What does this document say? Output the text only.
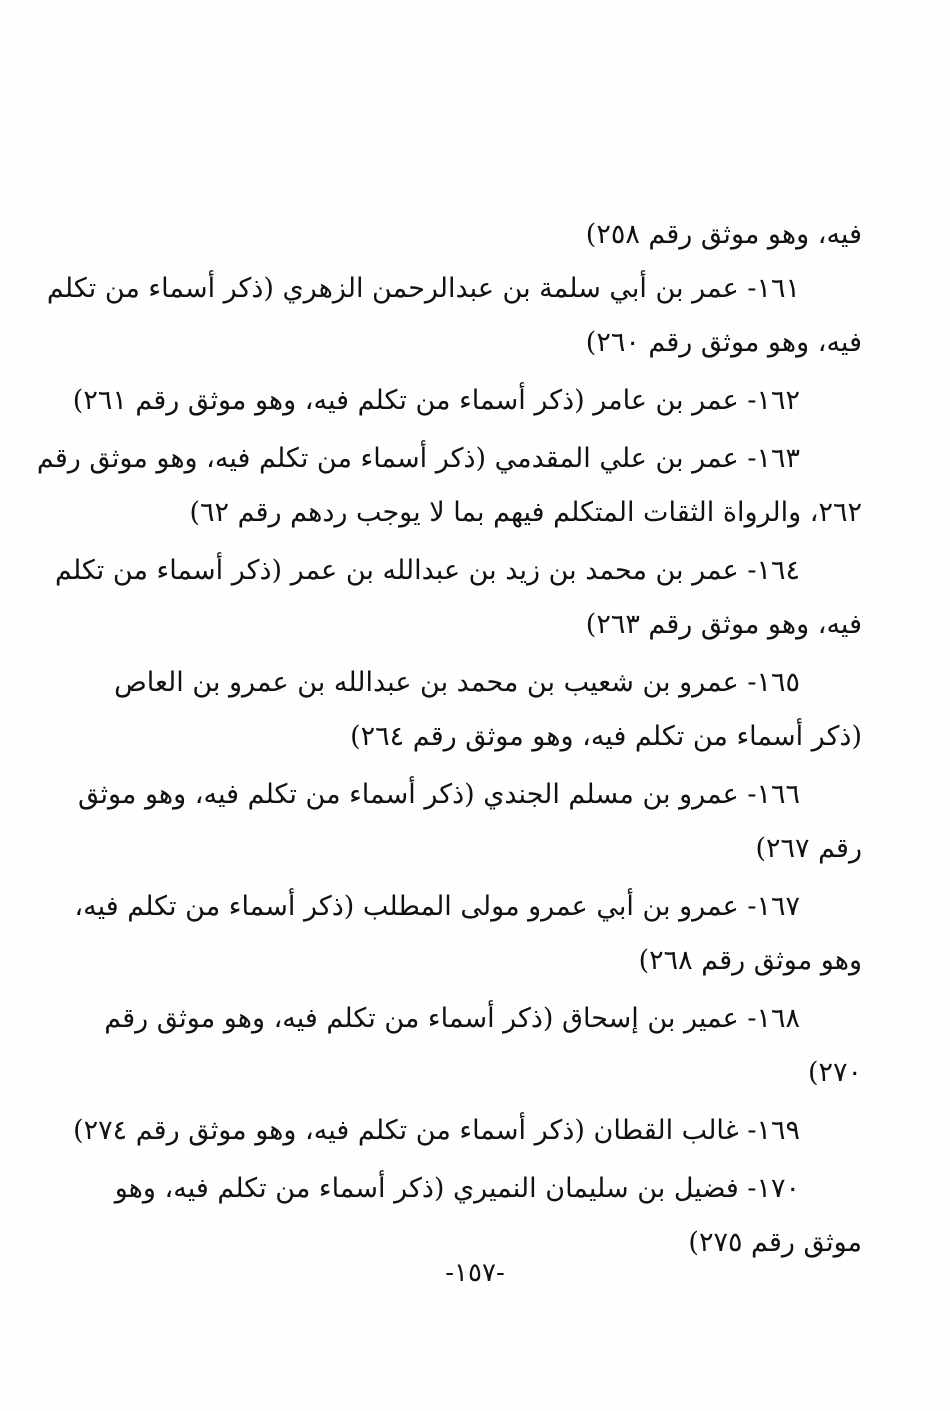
فيه، وهو موثق رقم ٢٥٨)
١٦١- عمر بن أبي سلمة بن عبدالرحمن الزهري (ذكر أسماء من تكلم
فيه، وهو موثق رقم ٢٦٠)
١٦٢- عمر بن عامر (ذكر أسماء من تكلم فيه، وهو موثق رقم ٢٦١)
١٦٣- عمر بن علي المقدمي (ذكر أسماء من تكلم فيه، وهو موثق رقم
٢٦٢، والرواة الثقات المتكلم فيهم بما لا يوجب ردهم رقم ٦٢)
١٦٤- عمر بن محمد بن زيد بن عبدالله بن عمر (ذكر أسماء من تكلم
فيه، وهو موثق رقم ٢٦٣)
١٦٥- عمرو بن شعيب بن محمد بن عبدالله بن عمرو بن العاص
(ذكر أسماء من تكلم فيه، وهو موثق رقم ٢٦٤)
١٦٦- عمرو بن مسلم الجندي (ذكر أسماء من تكلم فيه، وهو موثق
رقم ٢٦٧)
١٦٧- عمرو بن أبي عمرو مولى المطلب (ذكر أسماء من تكلم فيه،
وهو موثق رقم ٢٦٨)
١٦٨- عمير بن إسحاق (ذكر أسماء من تكلم فيه، وهو موثق رقم
٢٧٠)
١٦٩- غالب القطان (ذكر أسماء من تكلم فيه، وهو موثق رقم ٢٧٤)
١٧٠- فضيل بن سليمان النميري (ذكر أسماء من تكلم فيه، وهو
موثق رقم ٢٧٥)
-١٥٧-
